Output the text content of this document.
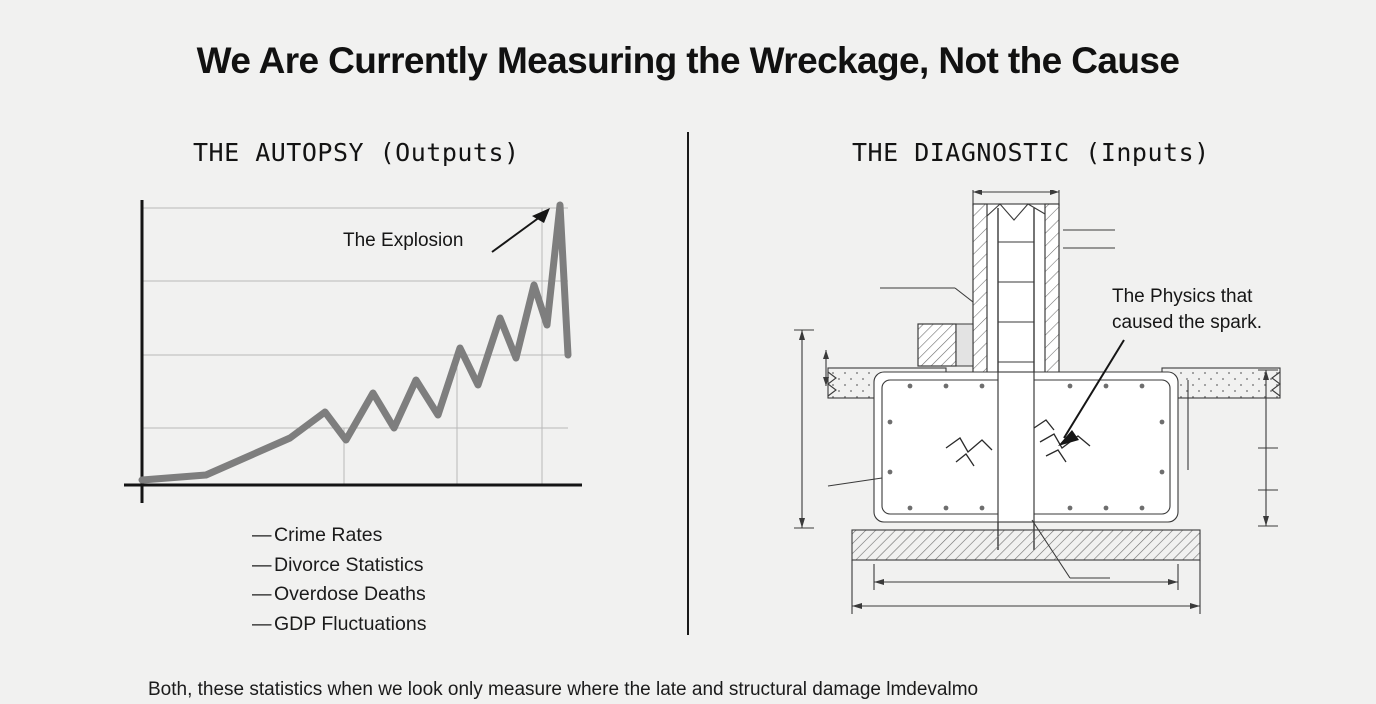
We Are Currently Measuring the Wreckage, Not the Cause
THE AUTOPSY (Outputs)	THE DIAGNOSTIC (Inputs)
The Explosion
— Crime Rates
— Divorce Statistics
— Overdose Deaths
— GDP Fluctuations
The Physics that
caused the spark.
Both, these statistics when we look only measure where the late and structural damage lmdevalmo
